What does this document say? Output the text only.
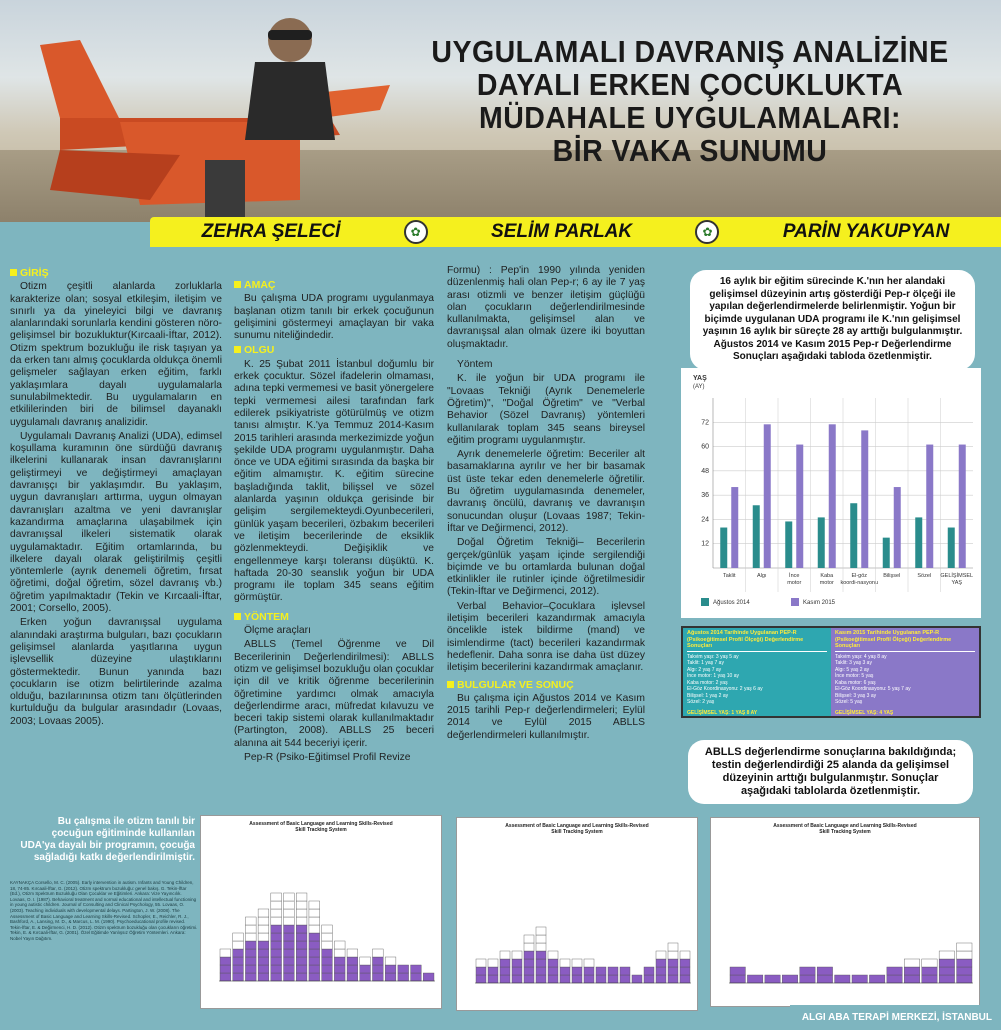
UYGULAMALI DAVRANIŞ ANALİZİNE
DAYALI ERKEN ÇOCUKLUKTA
MÜDAHALE UYGULAMALARI:
BİR VAKA SUNUMU
ZEHRA ŞELECİ	✿	SELİM PARLAK	✿	PARİN YAKUPYAN
GİRİŞ

Otizm çeşitli alanlarda zorluklarla karakterize olan; sosyal etkileşim, iletişim ve sınırlı ya da yineleyici bilgi ve davranış alanlarındaki sorunlarla kendini gösteren nöro-gelişimsel bir bozukluktur(Kırcaali-İftar, 2012). Otizm spektrum bozukluğu ile risk taşıyan ya da erken tanı almış çocuklarda oldukça önemli gelişmeler sağlayan erken eğitim, farklı yaklaşımlara dayalı uygulamalarla sunulabilmektedir. Bu uygulamaların en etkililerinden biri de bilimsel dayanaklı uygulamalı davranış analizidir.

Uygulamalı Davranış Analizi (UDA), edimsel koşullama kuramının öne sürdüğü davranış ilkelerini kullanarak insan davranışlarını geliştirmeyi ve değiştirmeyi amaçlayan davranışçı bir yaklaşımdır. Bu yaklaşım, uygun davranışları arttırma, uygun olmayan davranışları azaltma ve yeni davranışlar kazandırma amaçlarına ulaşabilmek için davranışsal ilkeleri sistematik olarak uygulamaktadır. Eğitim ortamlarında, bu ilkelere dayalı olarak geliştirilmiş çeşitli yöntemlerle (ayrık denemeli öğretim, fırsat öğretimi, doğal öğretim, sözel davranış vb.) öğretim yapılmaktadır (Tekin ve Kırcaali-İftar, 2001; Corsello, 2005).

Erken yoğun davranışsal uygulama alanındaki araştırma bulguları, bazı çocukların gelişimsel alanlarda yaşıtlarına uygun işlevsellik düzeyine ulaştıklarını göstermektedir. Bunun yanında bazı çocukların ise otizm belirtilerinde azalma olduğu, bazılarınınsa otizm tanı ölçütlerinden kurtulduğu da bulgular arasındadır (Lovaas, 2003; Lovaas 2005).

AMAÇ

Bu çalışma UDA programı uygulanmaya başlanan otizm tanılı bir erkek çocuğunun gelişimini göstermeyi amaçlayan bir vaka sunumu niteliğindedir.

OLGU

K. 25 Şubat 2011 İstanbul doğumlu bir erkek çocuktur. Sözel ifadelerin olmaması, adına tepki vermemesi ve basit yönergelere tepki vermemesi ailesi tarafından fark edilerek psikiyatriste götürülmüş ve otizm tanısı almıştır. K.'ya Temmuz 2014-Kasım 2015 tarihleri arasında merkezimizde yoğun şekilde UDA programı uygulanmıştır. Daha önce ve UDA eğitimi sırasında da başka bir eğitim almamıştır. K. eğitim sürecine başladığında taklit, bilişsel ve sözel alanlarda yaşının oldukça gerisinde bir gelişim sergilemekteydi.Oyunbecerileri, günlük yaşam becerileri, özbakım becerileri ve iletişim becerilerinde de eksiklik gözlenmekteydi. Değişiklik ve engellenmeye karşı toleransı düşüktü. K. haftada 20-30 seanslık yoğun bir UDA programı ile toplam 345 seans eğitim görmüştür.

YÖNTEM

Ölçme araçları

ABLLS (Temel Öğrenme ve Dil Becerilerinin Değerlendirilmesi): ABLLS otizm ve gelişimsel bozukluğu olan çocuklar için dil ve kritik öğrenme becerilerinin öğretimine yardımcı olmak amacıyla değerlendirme aracı, müfredat kılavuzu ve beceri takip sistemi olarak kullanılmaktadır (Partington, 2008). ABLLS 25 beceri alanına ait 544 beceriyi içerir.

Pep-R (Psiko-Eğitimsel Profil Revize

Formu) : Pep'in 1990 yılında yeniden düzenlenmiş hali olan Pep-r; 6 ay ile 7 yaş arası otizmli ve benzer iletişim güçlüğü olan çocukların değerlendirilmesinde kullanılmakta, gelişimsel alan ve davranışsal alan olmak üzere iki boyuttan oluşmaktadır.

Yöntem

K. ile yoğun bir UDA programı ile "Lovaas Tekniği (Ayrık Denemelerle Öğretim)", "Doğal Öğretim" ve "Verbal Behavior (Sözel Davranış) yöntemleri kullanılarak toplam 345 seans bireysel eğitim programı uygulanmıştır.

Ayrık denemelerle öğretim: Beceriler alt basamaklarına ayrılır ve her bir basamak üst üste tekar eden denemelerle öğretilir. Bu öğretim uygulamasında denemeler, davranış öncülü, davranış ve davranışın sonucundan oluşur (Lovaas 1987; Tekin-İftar ve Değirmenci, 2012).

Doğal Öğretim Tekniği– Becerilerin gerçek/günlük yaşam içinde sergilendiği biçimde ve bu ortamlarda bulunan doğal etkinlikler ile rutinler içinde öğretilmesidir (Tekin-İftar ve Değirmenci, 2012).

Verbal Behavior–Çocuklara işlevsel iletişim becerileri kazandırmak amacıyla öncelikle istek bildirme (mand) ve isimlendirme (tact) becerileri kazandırmak hedeflenir. Daha sonra ise daha üst düzey iletişim becerilerini kazandırmak amaçlanır.

BULGULAR VE SONUÇ

Bu çalışma için Ağustos 2014 ve Kasım 2015 tarihli Pep-r değerlendirmeleri; Eylül 2014 ve Eylül 2015 ABLLS değerlendirmeleri kullanılmıştır.

16 aylık bir eğitim sürecinde K.'nın her alandaki gelişimsel düzeyinin artış gösterdiği Pep-r ölçeği ile yapılan değerlendirmelerde belirlenmiştir. Yoğun bir biçimde uygulanan UDA programı ile K.'nın gelişimsel yaşının 16 aylık bir süreçte 28 ay arttığı bulgulanmıştır. Ağustos 2014 ve Kasım 2015 Pep-r Değerlendirme Sonuçları aşağıdaki tabloda özetlenmiştir.
YAŞ
(AY)
12
24
36
48
60
72
Taklit	Algı	İnce
motor
Kaba
motor
El-göz
koordi-nasyonu
Bilişsel	Sözel GELİŞİMSEL
YAŞ
Ağustos 2014	Kasım 2015
Ağustos 2014 Tarihinde Uygulanan PEP-R (Psikoeğitimsel Profil Ölçeği) Değerlendirme Sonuçları
Takvim yaşı: 3 yaş 5 ay
Taklit: 1 yaş 7 ay
Algı: 2 yaş 7 ay
İnce motor: 1 yaş 10 ay
Kaba motor: 2 yaş
El-Göz Koordinasyonu: 2 yaş 6 ay
Bilişsel: 1 yaş 2 ay
Sözel: 2 yaş
GELİŞİMSEL YAŞ: 1 YAŞ 8 AY
Kasım 2015 Tarihinde Uygulanan PEP-R (Psikoeğitimsel Profil Ölçeği) Değerlendirme Sonuçları
Takvim yaşı: 4 yaş 8 ay
Taklit: 3 yaş 3 ay
Algı: 5 yaş 2 ay
İnce motor: 5 yaş
Kaba motor: 6 yaş
El-Göz Koordinasyonu: 5 yaş 7 ay
Bilişsel: 3 yaş 3 ay
Sözel: 5 yaş
GELİŞİMSEL YAŞ: 4 YAŞ
ABLLS değerlendirme sonuçlarına bakıldığında; testin değerlendirdiği 25 alanda da gelişimsel düzeyinin arttığı bulgulanmıştır. Sonuçlar aşağıdaki tablolarda özetlenmiştir.
Bu çalışma ile otizm tanılı bir çocuğun eğitiminde kullanılan UDA'ya dayalı bir programın, çocuğa sağladığı katkı değerlendirilmiştir.
KAYNAKÇA Corsello, M. C. (2005). Early intervention in autism. Infants and Young Children, 18, 74-85. Kırcaali-İftar, G. (2012). Otizm spektrum bozukluğu: genel bakış. G. Tekin-İftar (Ed.), Otizm Spektrum Bozukluğu Olan Çocuklar ve Eğitimleri. Ankara: Vize Yayıncılık. Lovaas, O. I. (1987). Behavioral treatment and normal educational and intellectual functioning in young autistic children. Journal of Consulting and Clinical Psychology, 55. Lovaas, O. (2003). Teaching individuals with developmental delays. Partington, J. W. (2008). The Assessment of Basic Language and Learning Skills-Revised. Schopler, E., Reichler, R. J., Bashford, A., Lansing, M. D., & Marcus, L. M. (1990). Psychoeducational profile revised. Tekin-İftar, E. & Değirmenci, H. D. (2012). Otizm spektrum bozukluğu olan çocukların öğretimi. Tekin, E. & Kırcaali-İftar, G. (2001). Özel Eğitimde Yanlışsız Öğretim Yöntemleri. Ankara: Nobel Yayın Dağıtım.
Assessment of Basic Language and Learning Skills-Revised
Skill Tracking System
Assessment of Basic Language and Learning Skills-Revised
Skill Tracking System
Assessment of Basic Language and Learning Skills-Revised
Skill Tracking System
ALGI ABA TERAPİ MERKEZİ, İSTANBUL
